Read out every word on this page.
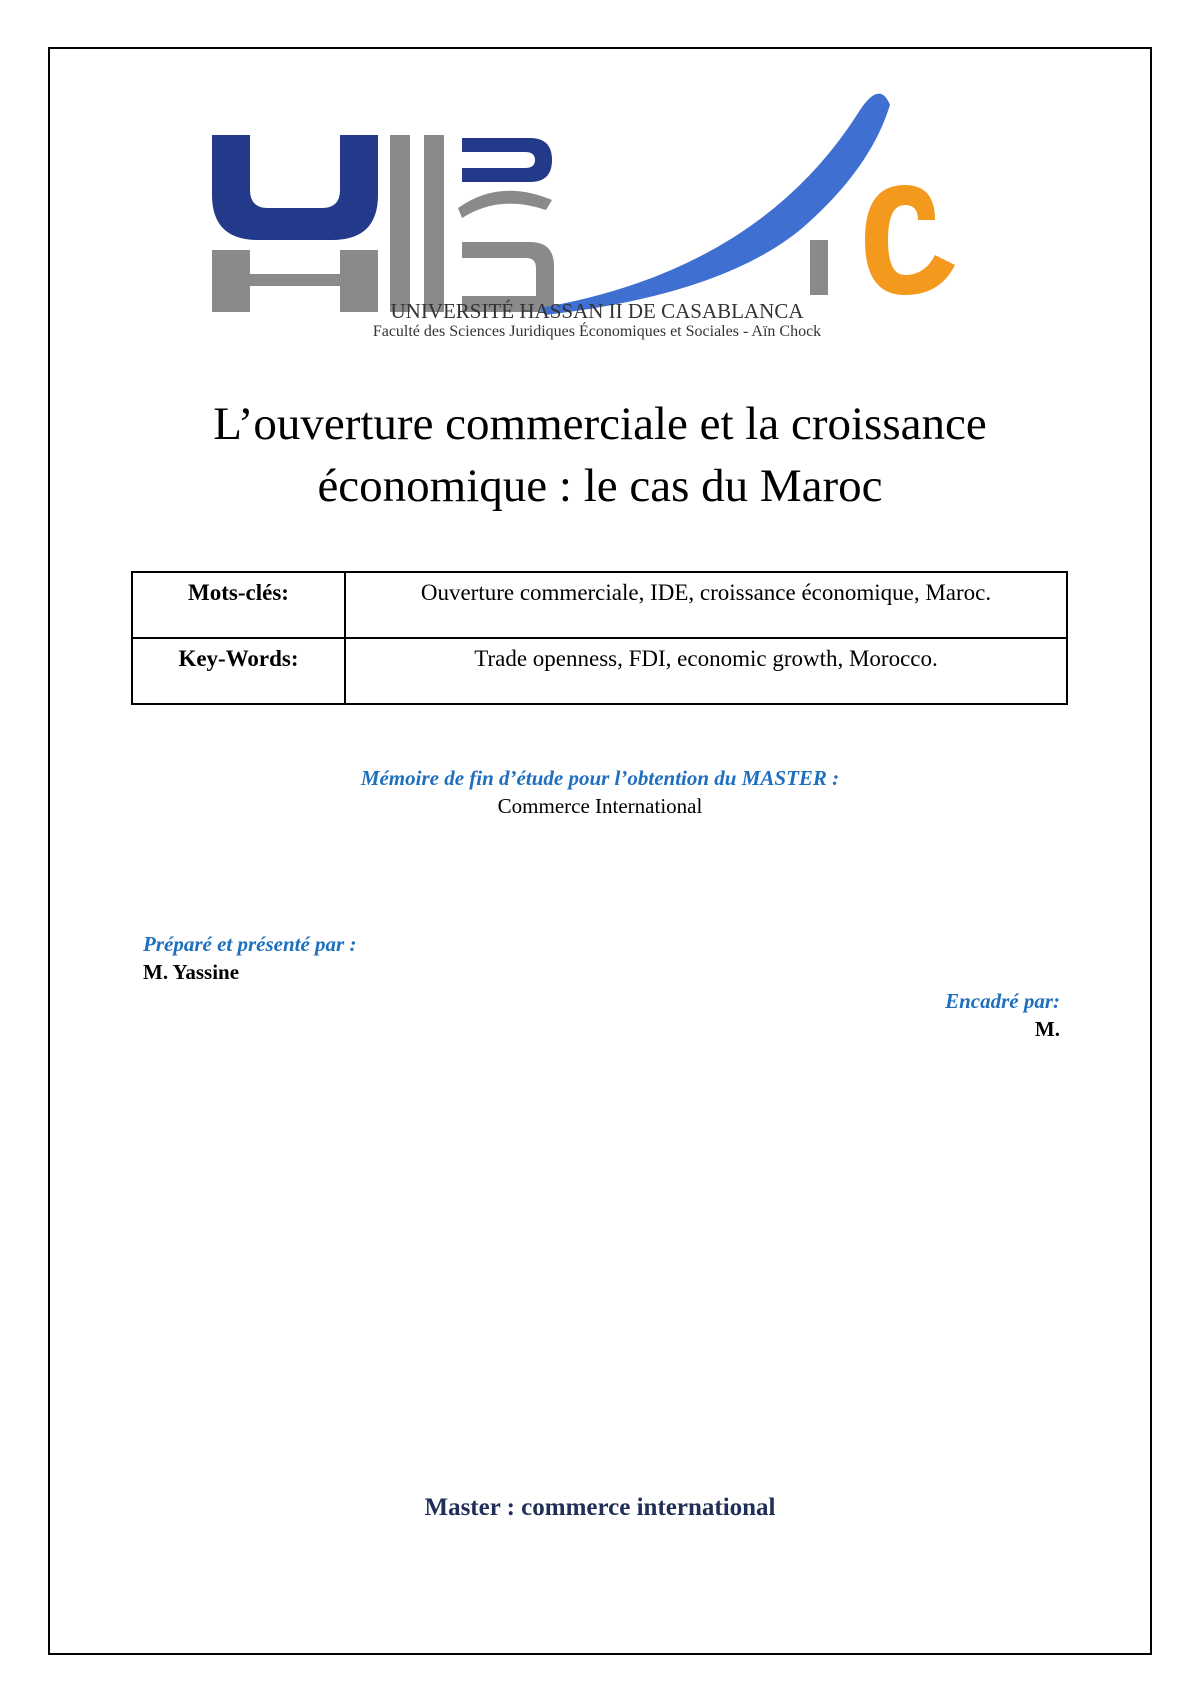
UNIVERSITÉ HASSAN II DE CASABLANCA
Faculté des Sciences Juridiques Économiques et Sociales - Aïn Chock
L’ouverture commerciale et la croissance
économique : le cas du Maroc
Mots-clés:	Ouverture commerciale, IDE, croissance économique, Maroc.
Key-Words:	Trade openness, FDI, economic growth, Morocco.
Mémoire de fin d’étude pour l’obtention du MASTER :
Commerce International
Préparé et présenté par :
M. Yassine
Encadré par:
M.
Master : commerce international
